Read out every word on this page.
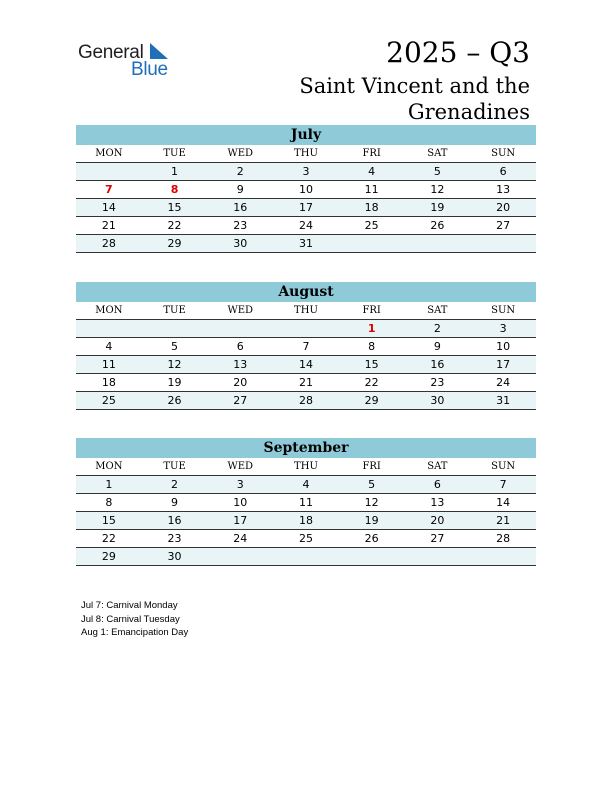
General
Blue
2025 – Q3
Saint Vincent and the
Grenadines
July
MON	TUE	WED	THU	FRI	SAT	SUN
	1	2	3	4	5	6
7	8	9	10	11	12	13
14	15	16	17	18	19	20
21	22	23	24	25	26	27
28	29	30	31			
August
MON	TUE	WED	THU	FRI	SAT	SUN
				1	2	3
4	5	6	7	8	9	10
11	12	13	14	15	16	17
18	19	20	21	22	23	24
25	26	27	28	29	30	31
September
MON	TUE	WED	THU	FRI	SAT	SUN
1	2	3	4	5	6	7
8	9	10	11	12	13	14
15	16	17	18	19	20	21
22	23	24	25	26	27	28
29	30					
Jul 7: Carnival Monday
Jul 8: Carnival Tuesday
Aug 1: Emancipation Day
